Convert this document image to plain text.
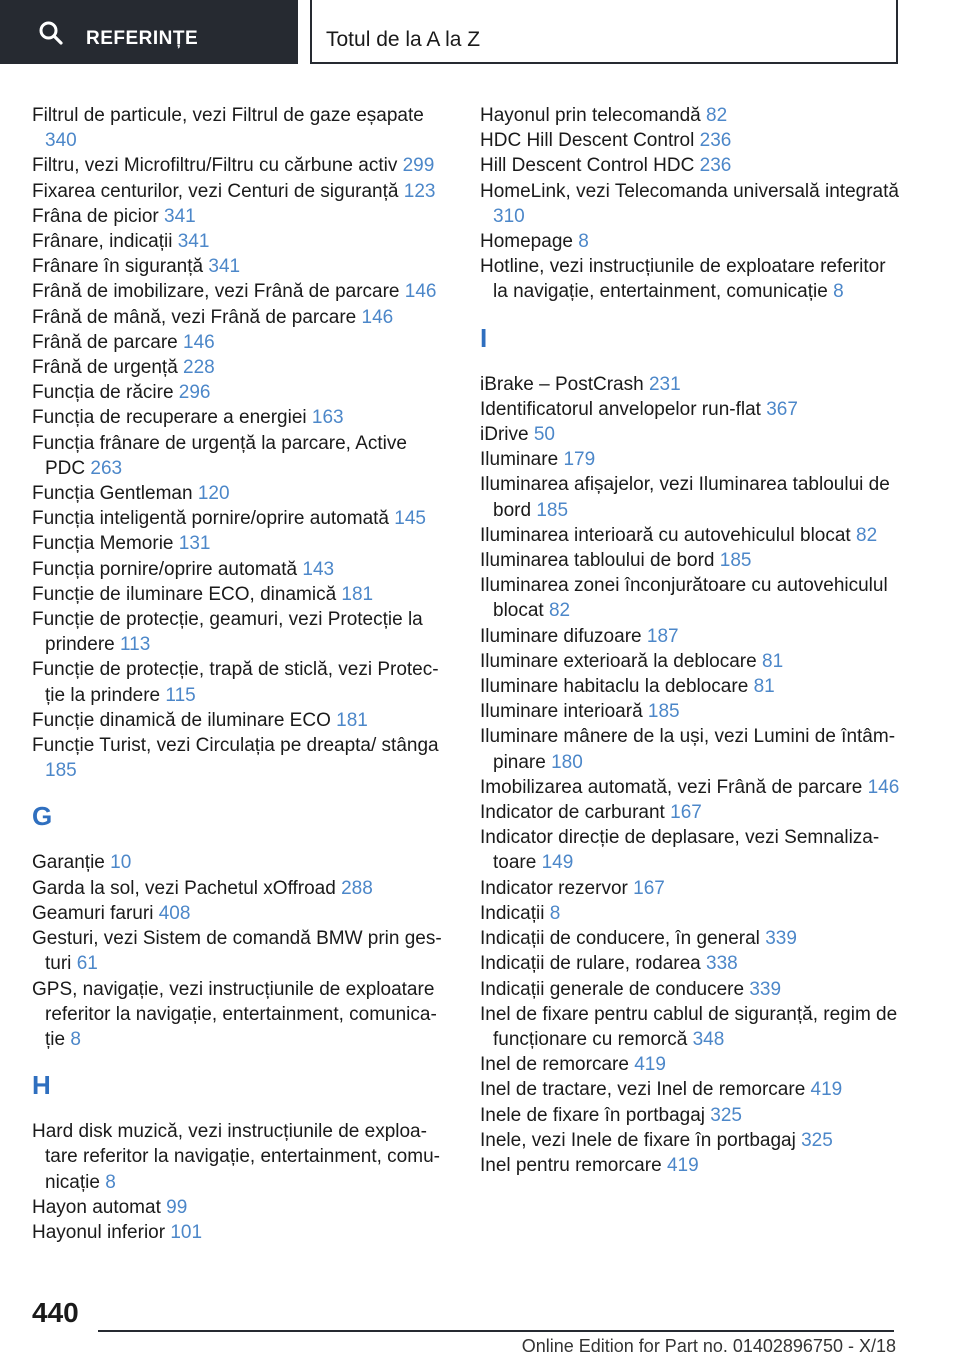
REFERINȚE	Totul de la A la Z
Filtrul de particule, vezi Filtrul de gaze eșapate 340
Filtru, vezi Microfiltru/Filtru cu cărbune activ 299
Fixarea centurilor, vezi Centuri de siguranță 123
Frâna de picior 341
Frânare, indicații 341
Frânare în siguranță 341
Frână de imobilizare, vezi Frână de parcare 146
Frână de mână, vezi Frână de parcare 146
Frână de parcare 146
Frână de urgență 228
Funcția de răcire 296
Funcția de recuperare a energiei 163
Funcția frânare de urgență la parcare, Active PDC 263
Funcția Gentleman 120
Funcția inteligentă pornire/oprire automată 145
Funcția Memorie 131
Funcția pornire/oprire automată 143
Funcție de iluminare ECO, dinamică 181
Funcție de protecție, geamuri, vezi Protecție la prindere 113
Funcție de protecție, trapă de sticlă, vezi Protecție la prindere 115
Funcție dinamică de iluminare ECO 181
Funcție Turist, vezi Circulația pe dreapta/ stânga 185
G
Garanție 10
Garda la sol, vezi Pachetul xOffroad 288
Geamuri faruri 408
Gesturi, vezi Sistem de comandă BMW prin gesturi 61
GPS, navigație, vezi instrucțiunile de exploatare referitor la navigație, entertainment, comunicație 8
H
Hard disk muzică, vezi instrucțiunile de exploatare referitor la navigație, entertainment, comunicație 8
Hayon automat 99
Hayonul inferior 101
Hayonul prin telecomandă 82
HDC Hill Descent Control 236
Hill Descent Control HDC 236
HomeLink, vezi Telecomanda universală integrată 310
Homepage 8
Hotline, vezi instrucțiunile de exploatare referitor la navigație, entertainment, comunicație 8
I
iBrake – PostCrash 231
Identificatorul anvelopelor run-flat 367
iDrive 50
Iluminare 179
Iluminarea afișajelor, vezi Iluminarea tabloului de bord 185
Iluminarea interioară cu autovehiculul blocat 82
Iluminarea tabloului de bord 185
Iluminarea zonei înconjurătoare cu autovehiculul blocat 82
Iluminare difuzoare 187
Iluminare exterioară la deblocare 81
Iluminare habitaclu la deblocare 81
Iluminare interioară 185
Iluminare mânere de la uși, vezi Lumini de întâmpinare 180
Imobilizarea automată, vezi Frână de parcare 146
Indicator de carburant 167
Indicator direcție de deplasare, vezi Semnalizatoare 149
Indicator rezervor 167
Indicații 8
Indicații de conducere, în general 339
Indicații de rulare, rodarea 338
Indicații generale de conducere 339
Inel de fixare pentru cablul de siguranță, regim de funcționare cu remorcă 348
Inel de remorcare 419
Inel de tractare, vezi Inel de remorcare 419
Inele de fixare în portbagaj 325
Inele, vezi Inele de fixare în portbagaj 325
Inel pentru remorcare 419
440
Online Edition for Part no. 01402896750 - X/18
